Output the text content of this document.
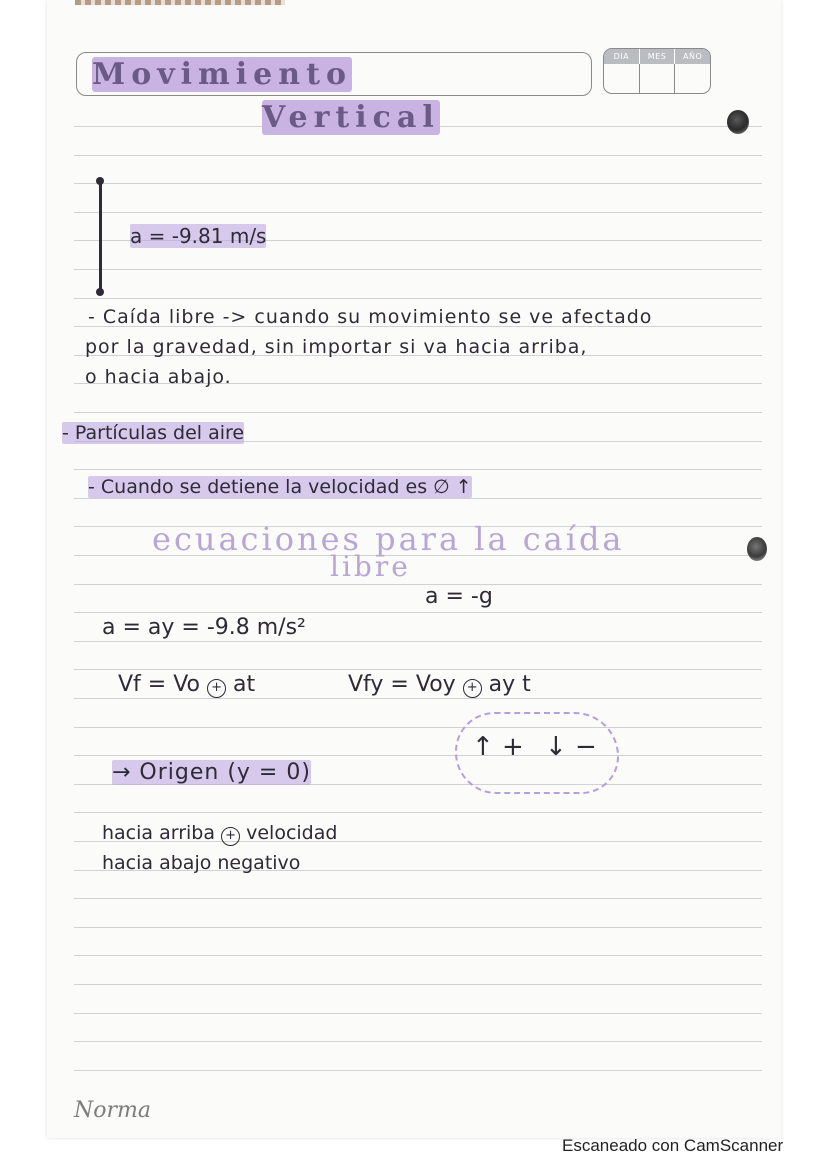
DIA	MES	AÑO
Movimiento
Vertical
a = -9.81 m/s
- Caída libre -> cuando su movimiento se ve afectado
por la gravedad, sin importar si va hacia arriba,
o hacia abajo.
- Partículas del aire
- Cuando se detiene la velocidad es ∅ ↑
ecuaciones para la caída
libre
a = -g
a = ay = -9.8 m/s²
Vf = Vo + at	Vfy = Voy + ay t
↑ + ↓ −
→ Origen (y = 0)
hacia arriba + velocidad
hacia abajo negativo
Norma
Escaneado con CamScanner
